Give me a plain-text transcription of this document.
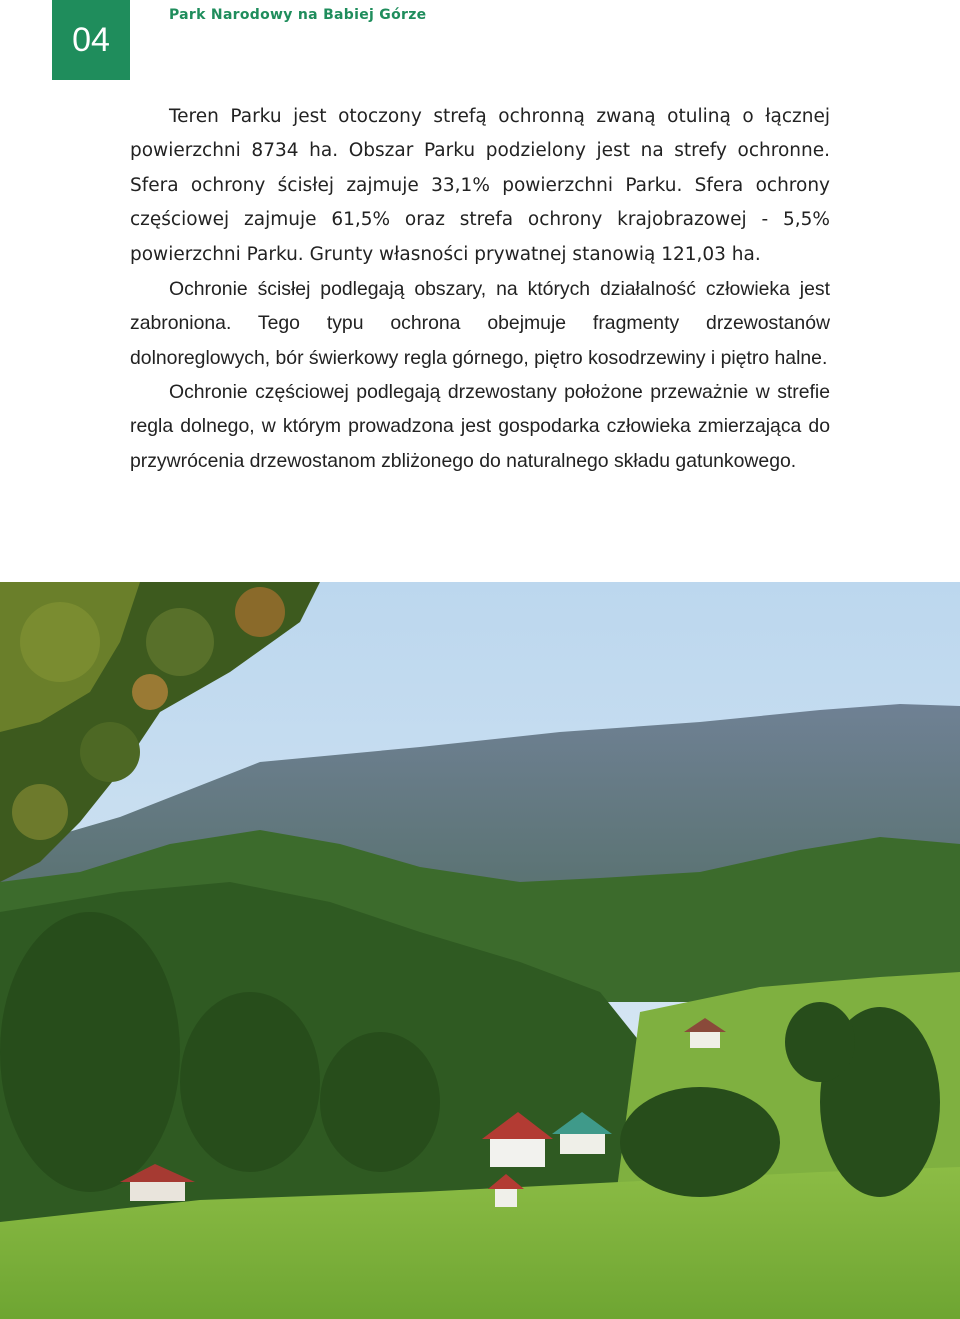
04
Park Narodowy na Babiej Górze

Teren Parku jest otoczony strefą ochronną zwaną otuliną o łącznej powierzchni 8734 ha. Obszar Parku podzielony jest na strefy ochronne. Sfera ochrony ścisłej zajmuje 33,1% powierzchni Parku. Sfera ochrony częściowej zajmuje 61,5% oraz strefa ochrony krajobrazowej - 5,5% powierzchni Parku. Grunty własności prywatnej stanowią 121,03 ha.

Ochronie ścisłej podlegają obszary, na których działalność człowieka jest zabroniona. Tego typu ochrona obejmuje fragmenty drzewostanów dolnoreglowych, bór świerkowy regla górnego, piętro kosodrzewiny i piętro halne.

Ochronie częściowej podlegają drzewostany położone przeważnie w strefie regla dolnego, w którym prowadzona jest gospodarka człowieka zmierzająca do przywrócenia drzewostanom zbliżonego do naturalnego składu gatunkowego.
